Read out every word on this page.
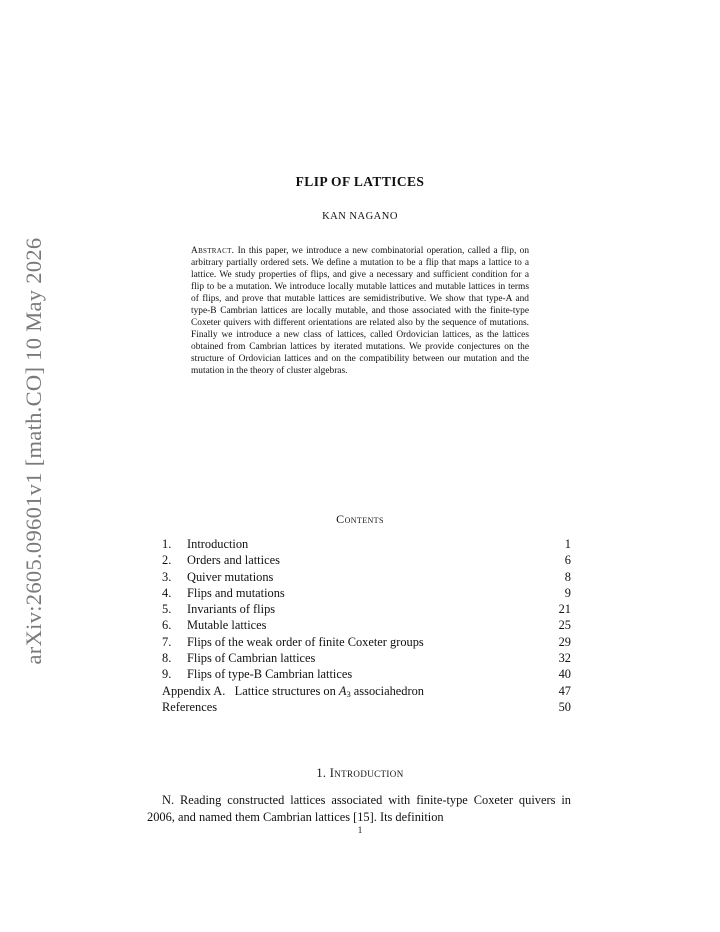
arXiv:2605.09601v1 [math.CO] 10 May 2026
FLIP OF LATTICES
KAN NAGANO

Abstract. In this paper, we introduce a new combinatorial operation, called a flip, on arbitrary partially ordered sets. We define a mutation to be a flip that maps a lattice to a lattice. We study properties of flips, and give a necessary and sufficient condition for a flip to be a mutation. We introduce locally mutable lattices and mutable lattices in terms of flips, and prove that mutable lattices are semidistributive. We show that type-A and type-B Cambrian lattices are locally mutable, and those associated with the finite-type Coxeter quivers with different orientations are related also by the sequence of mutations. Finally we introduce a new class of lattices, called Ordovician lattices, as the lattices obtained from Cambrian lattices by iterated mutations. We provide conjectures on the structure of Ordovician lattices and on the compatibility between our mutation and the mutation in the theory of cluster algebras.

Contents
1.	Introduction	1
2.	Orders and lattices	6
3.	Quiver mutations	8
4.	Flips and mutations	9
5.	Invariants of flips	21
6.	Mutable lattices	25
7.	Flips of the weak order of finite Coxeter groups	29
8.	Flips of Cambrian lattices	32
9.	Flips of type-B Cambrian lattices	40
Appendix A. Lattice structures on $A_3$ associahedron	47
References	50
1. Introduction

N. Reading constructed lattices associated with finite-type Coxeter quivers in 2006, and named them Cambrian lattices [15]. Its definition

1
